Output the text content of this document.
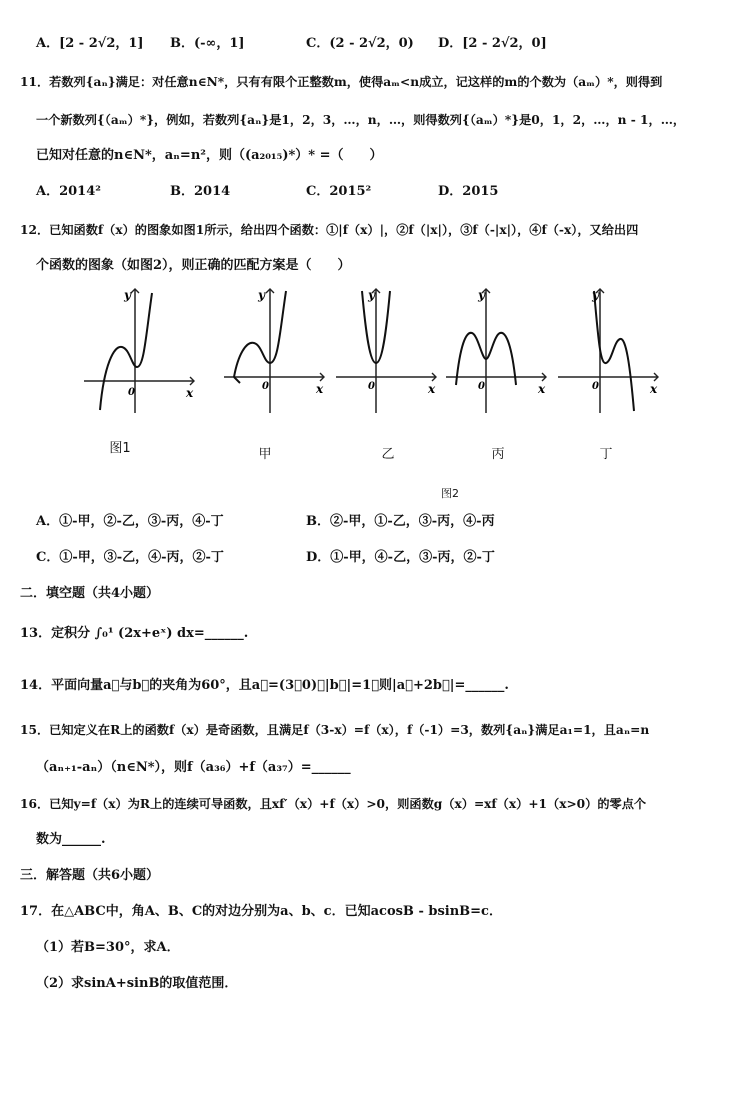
A．[2 - 2√2，1] B．(-∞，1]	C．(2 - 2√2，0) D．[2 - 2√2，0]
11．若数列{aₙ}满足：对任意n∈N*，只有有限个正整数m，使得aₘ<n成立，记这样的m的个数为（aₘ）*，则得到
一个新数列{（aₘ）*}，例如，若数列{aₙ}是1，2，3，…，n，…，则得数列{（aₘ）*}是0，1，2，…，n - 1，…，
已知对任意的n∈N*，aₙ=n²，则（(a₂₀₁₅)*）* =（　　）
A．2014²	B．2014	C．2015²	D．2015
12．已知函数f（x）的图象如图1所示，给出四个函数：①|f（x）|，②f（|x|），③f（-|x|），④f（-x），又给出四
个函数的图象（如图2），则正确的匹配方案是（　　）
y
x
0
图1
y
x
0
甲
y
x
0
乙
y
x
0
丙
y
x
0
丁
图2
A．①-甲，②-乙，③-丙，④-丁	B．②-甲，①-乙，③-丙，④-丙
C．①-甲，③-乙，④-丙，②-丁	D．①-甲，④-乙，③-丙，②-丁
二．填空题（共4小题）
13．定积分 ∫₀¹ (2x+eˣ) dx=______.
14．平面向量a⃗与b⃗的夹角为60°，且a⃗=(3，0)，|b⃗|=1，则|a⃗+2b⃗|=______.
15．已知定义在R上的函数f（x）是奇函数，且满足f（3-x）=f（x），f（-1）=3，数列{aₙ}满足a₁=1，且aₙ=n
（aₙ₊₁-aₙ）（n∈N*），则f（a₃₆）+f（a₃₇）=______
16．已知y=f（x）为R上的连续可导函数，且xf′（x）+f（x）>0，则函数g（x）=xf（x）+1（x>0）的零点个
数为______.
三．解答题（共6小题）
17．在△ABC中，角A、B、C的对边分别为a、b、c．已知acosB - bsinB=c．
（1）若B=30°，求A．
（2）求sinA+sinB的取值范围．
